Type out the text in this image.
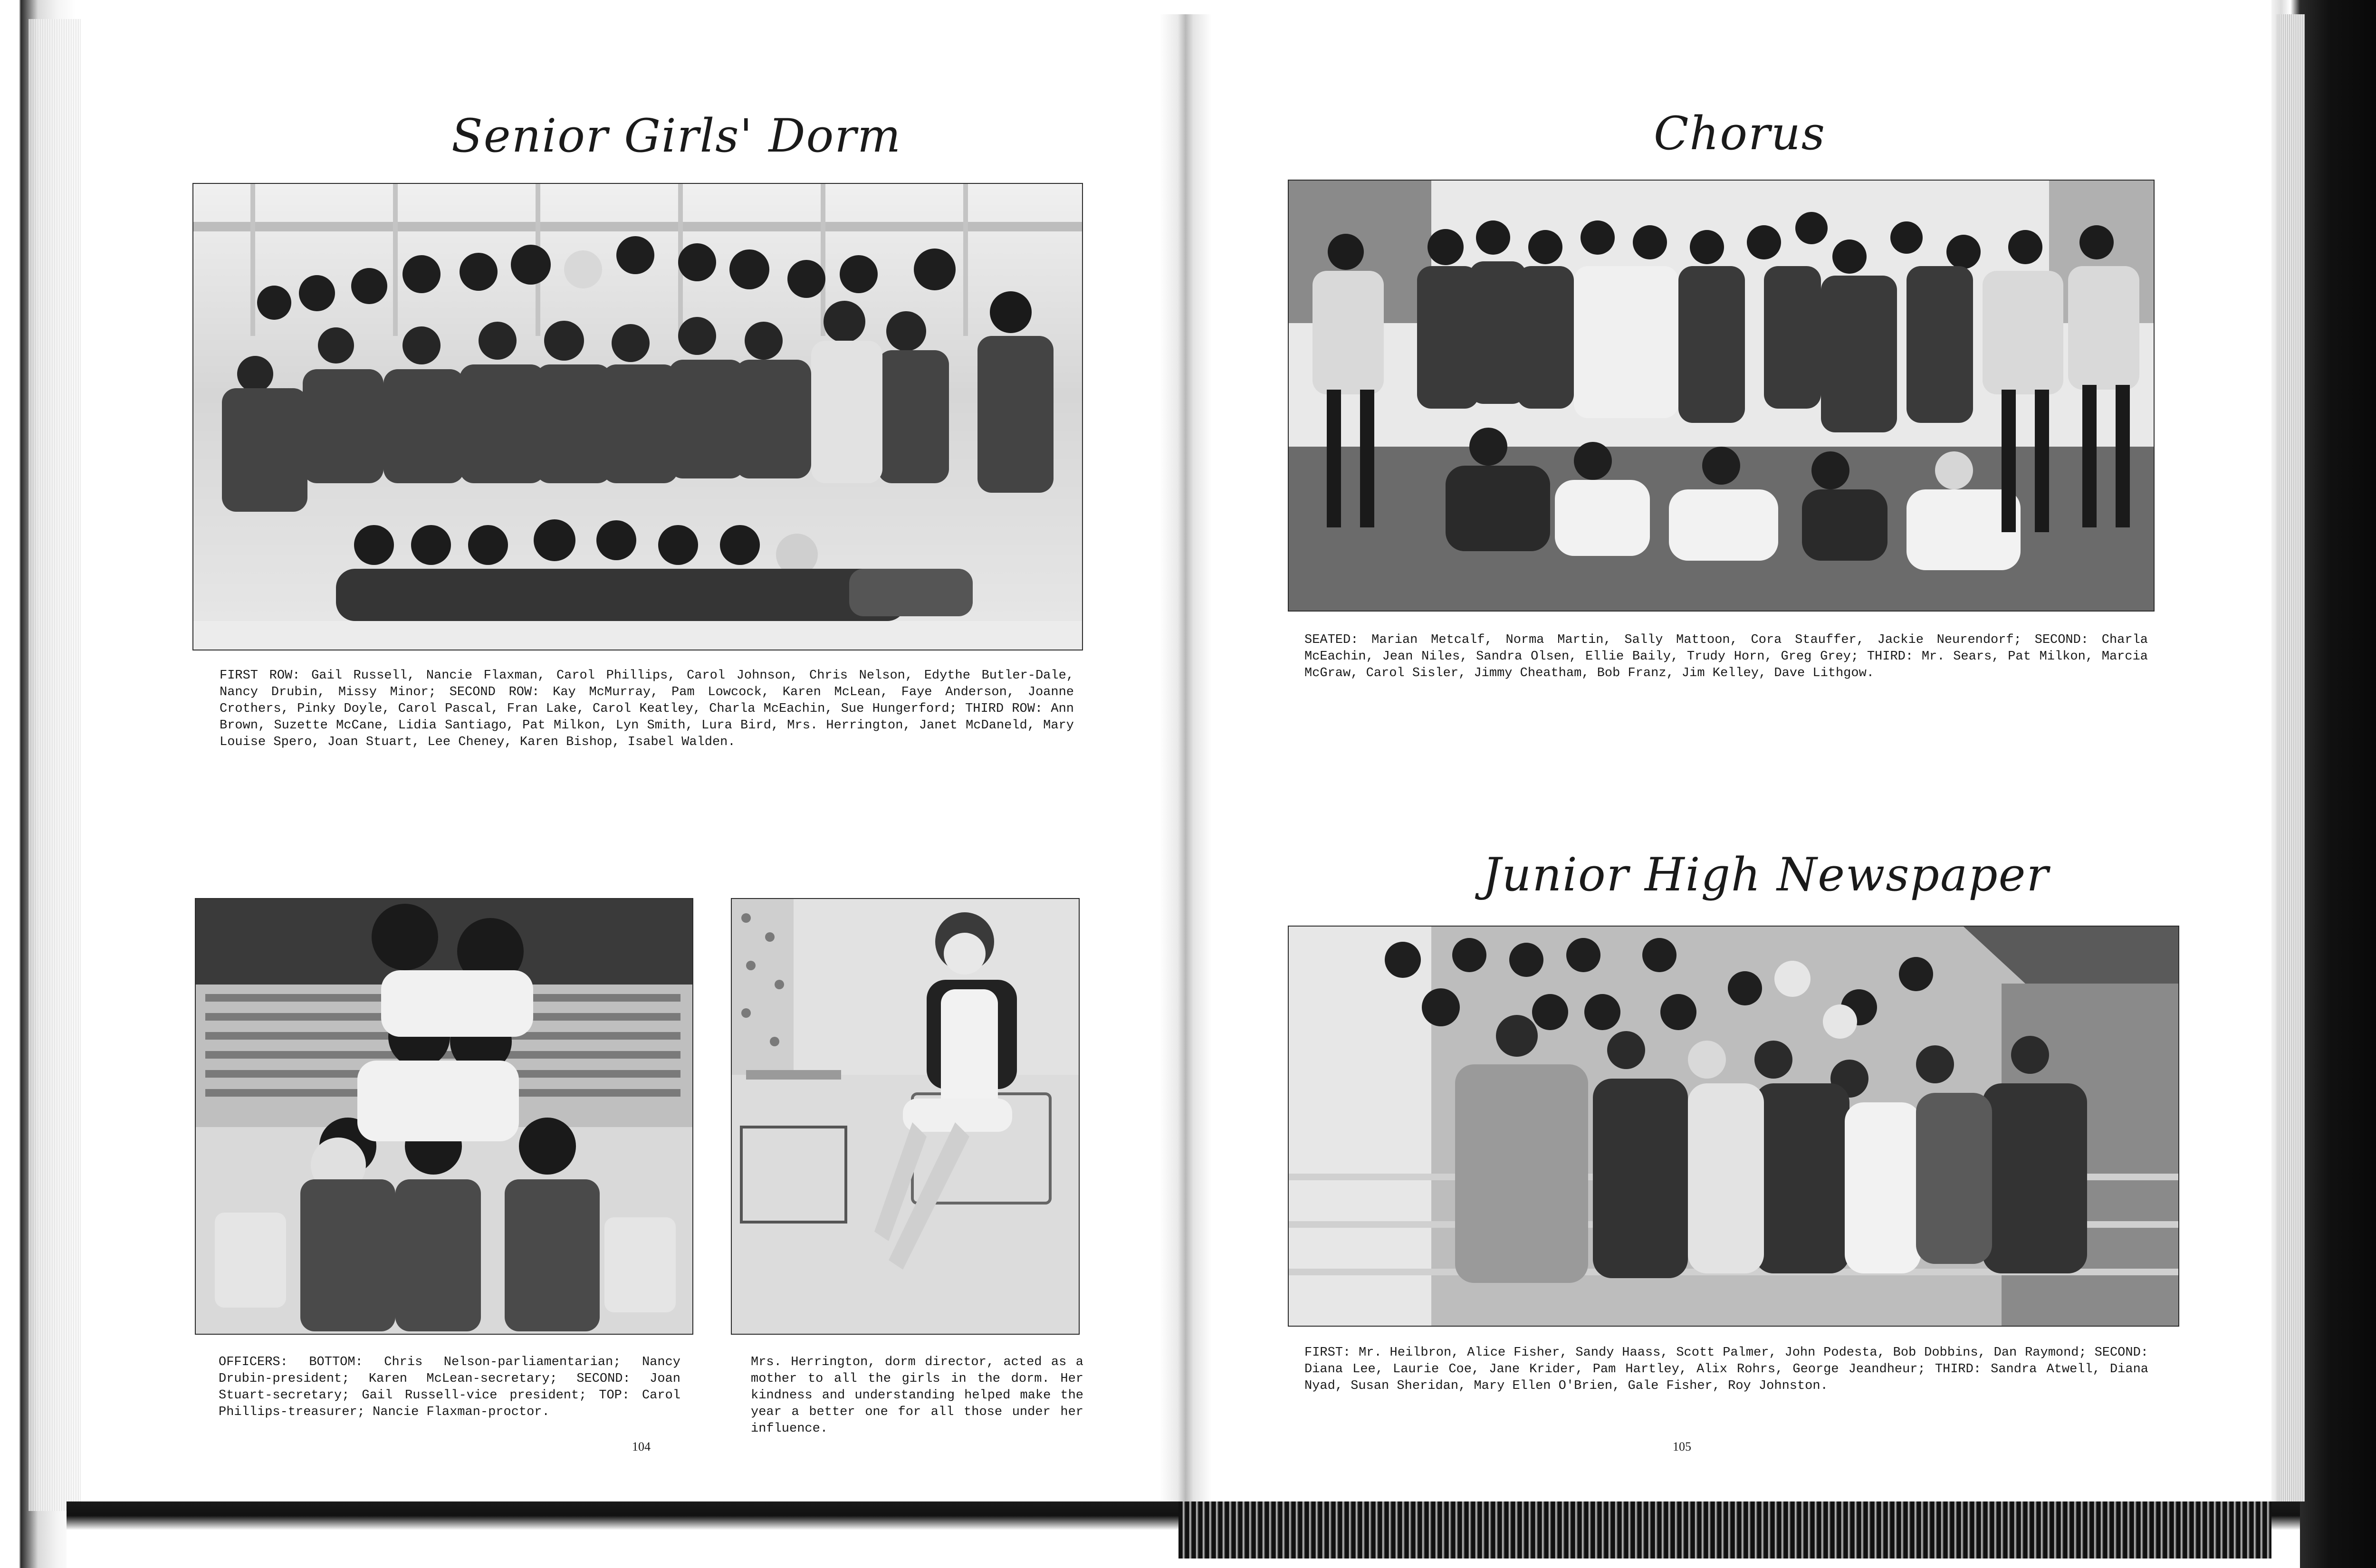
Senior Girls' Dorm
FIRST ROW: Gail Russell, Nancie Flaxman, Carol Phillips, Carol Johnson, Chris Nelson, Edythe Butler-Dale, Nancy Drubin, Missy Minor; SECOND ROW: Kay McMurray, Pam Lowcock, Karen McLean, Faye Anderson, Joanne Crothers, Pinky Doyle, Carol Pascal, Fran Lake, Carol Keatley, Charla McEachin, Sue Hungerford; THIRD ROW: Ann Brown, Suzette McCane, Lidia Santiago, Pat Milkon, Lyn Smith, Lura Bird, Mrs. Herrington, Janet McDaneld, Mary Louise Spero, Joan Stuart, Lee Cheney, Karen Bishop, Isabel Walden.
OFFICERS: BOTTOM: Chris Nelson-parliamentarian; Nancy Drubin-president; Karen McLean-secretary; SECOND: Joan Stuart-secretary; Gail Russell-vice president; TOP: Carol Phillips-treasurer; Nancie Flaxman-proctor.
Mrs. Herrington, dorm director, acted as a mother to all the girls in the dorm. Her kindness and understanding helped make the year a better one for all those under her influence.
104
Chorus
SEATED: Marian Metcalf, Norma Martin, Sally Mattoon, Cora Stauffer, Jackie Neurendorf; SECOND: Charla McEachin, Jean Niles, Sandra Olsen, Ellie Baily, Trudy Horn, Greg Grey; THIRD: Mr. Sears, Pat Milkon, Marcia McGraw, Carol Sisler, Jimmy Cheatham, Bob Franz, Jim Kelley, Dave Lithgow.
Junior High Newspaper
FIRST: Mr. Heilbron, Alice Fisher, Sandy Haass, Scott Palmer, John Podesta, Bob Dobbins, Dan Raymond; SECOND: Diana Lee, Laurie Coe, Jane Krider, Pam Hartley, Alix Rohrs, George Jeandheur; THIRD: Sandra Atwell, Diana Nyad, Susan Sheridan, Mary Ellen O'Brien, Gale Fisher, Roy Johnston.
105
